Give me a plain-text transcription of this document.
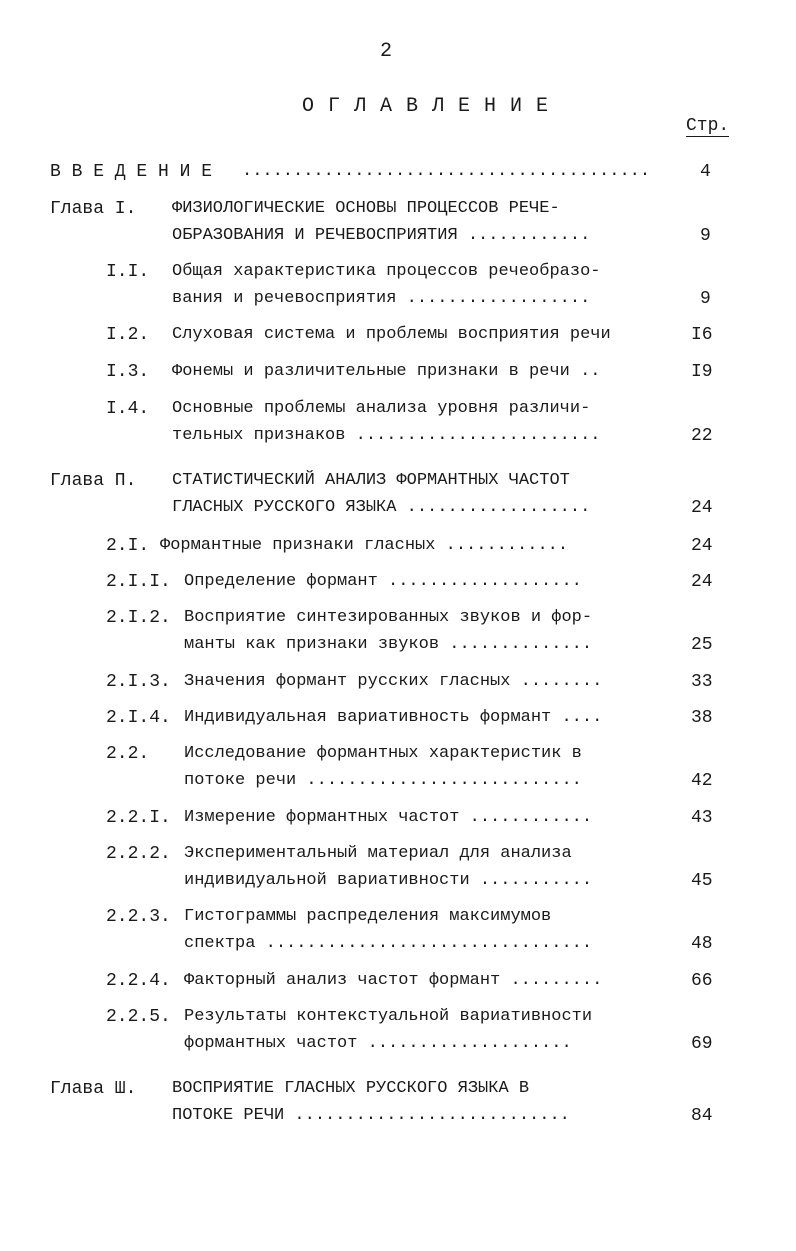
2
О Г Л А В Л Е Н И Е
Стр.
В В Е Д Е Н И Е ........................................	4
Глава I. ФИЗИОЛОГИЧЕСКИЕ ОСНОВЫ ПРОЦЕССОВ РЕЧЕ-
ОБРАЗОВАНИЯ И РЕЧЕВОСПРИЯТИЯ ............	9
I.I. Общая характеристика процессов речеобразо-
вания и речевосприятия ..................	9
I.2. Слуховая система и проблемы восприятия речи	I6
I.3. Фонемы и различительные признаки в речи ..	I9
I.4. Основные проблемы анализа уровня различи-
тельных признаков ........................	22
Глава П. СТАТИСТИЧЕСКИЙ АНАЛИЗ ФОРМАНТНЫХ ЧАСТОТ
ГЛАСНЫХ РУССКОГО ЯЗЫКА ..................	24
2.I. Формантные признаки гласных ............	24
2.I.I. Определение формант ...................	24
2.I.2. Восприятие синтезированных звуков и фор-
манты как признаки звуков ..............	25
2.I.3. Значения формант русских гласных ........	33
2.I.4. Индивидуальная вариативность формант ....	38
2.2. Исследование формантных характеристик в
потоке речи ...........................	42
2.2.I. Измерение формантных частот ............	43
2.2.2. Экспериментальный материал для анализа
индивидуальной вариативности ...........	45
2.2.3. Гистограммы распределения максимумов
спектра ................................	48
2.2.4. Факторный анализ частот формант .........	66
2.2.5. Результаты контекстуальной вариативности
формантных частот ....................	69
Глава Ш. ВОСПРИЯТИЕ ГЛАСНЫХ РУССКОГО ЯЗЫКА В
ПОТОКЕ РЕЧИ ...........................	84
